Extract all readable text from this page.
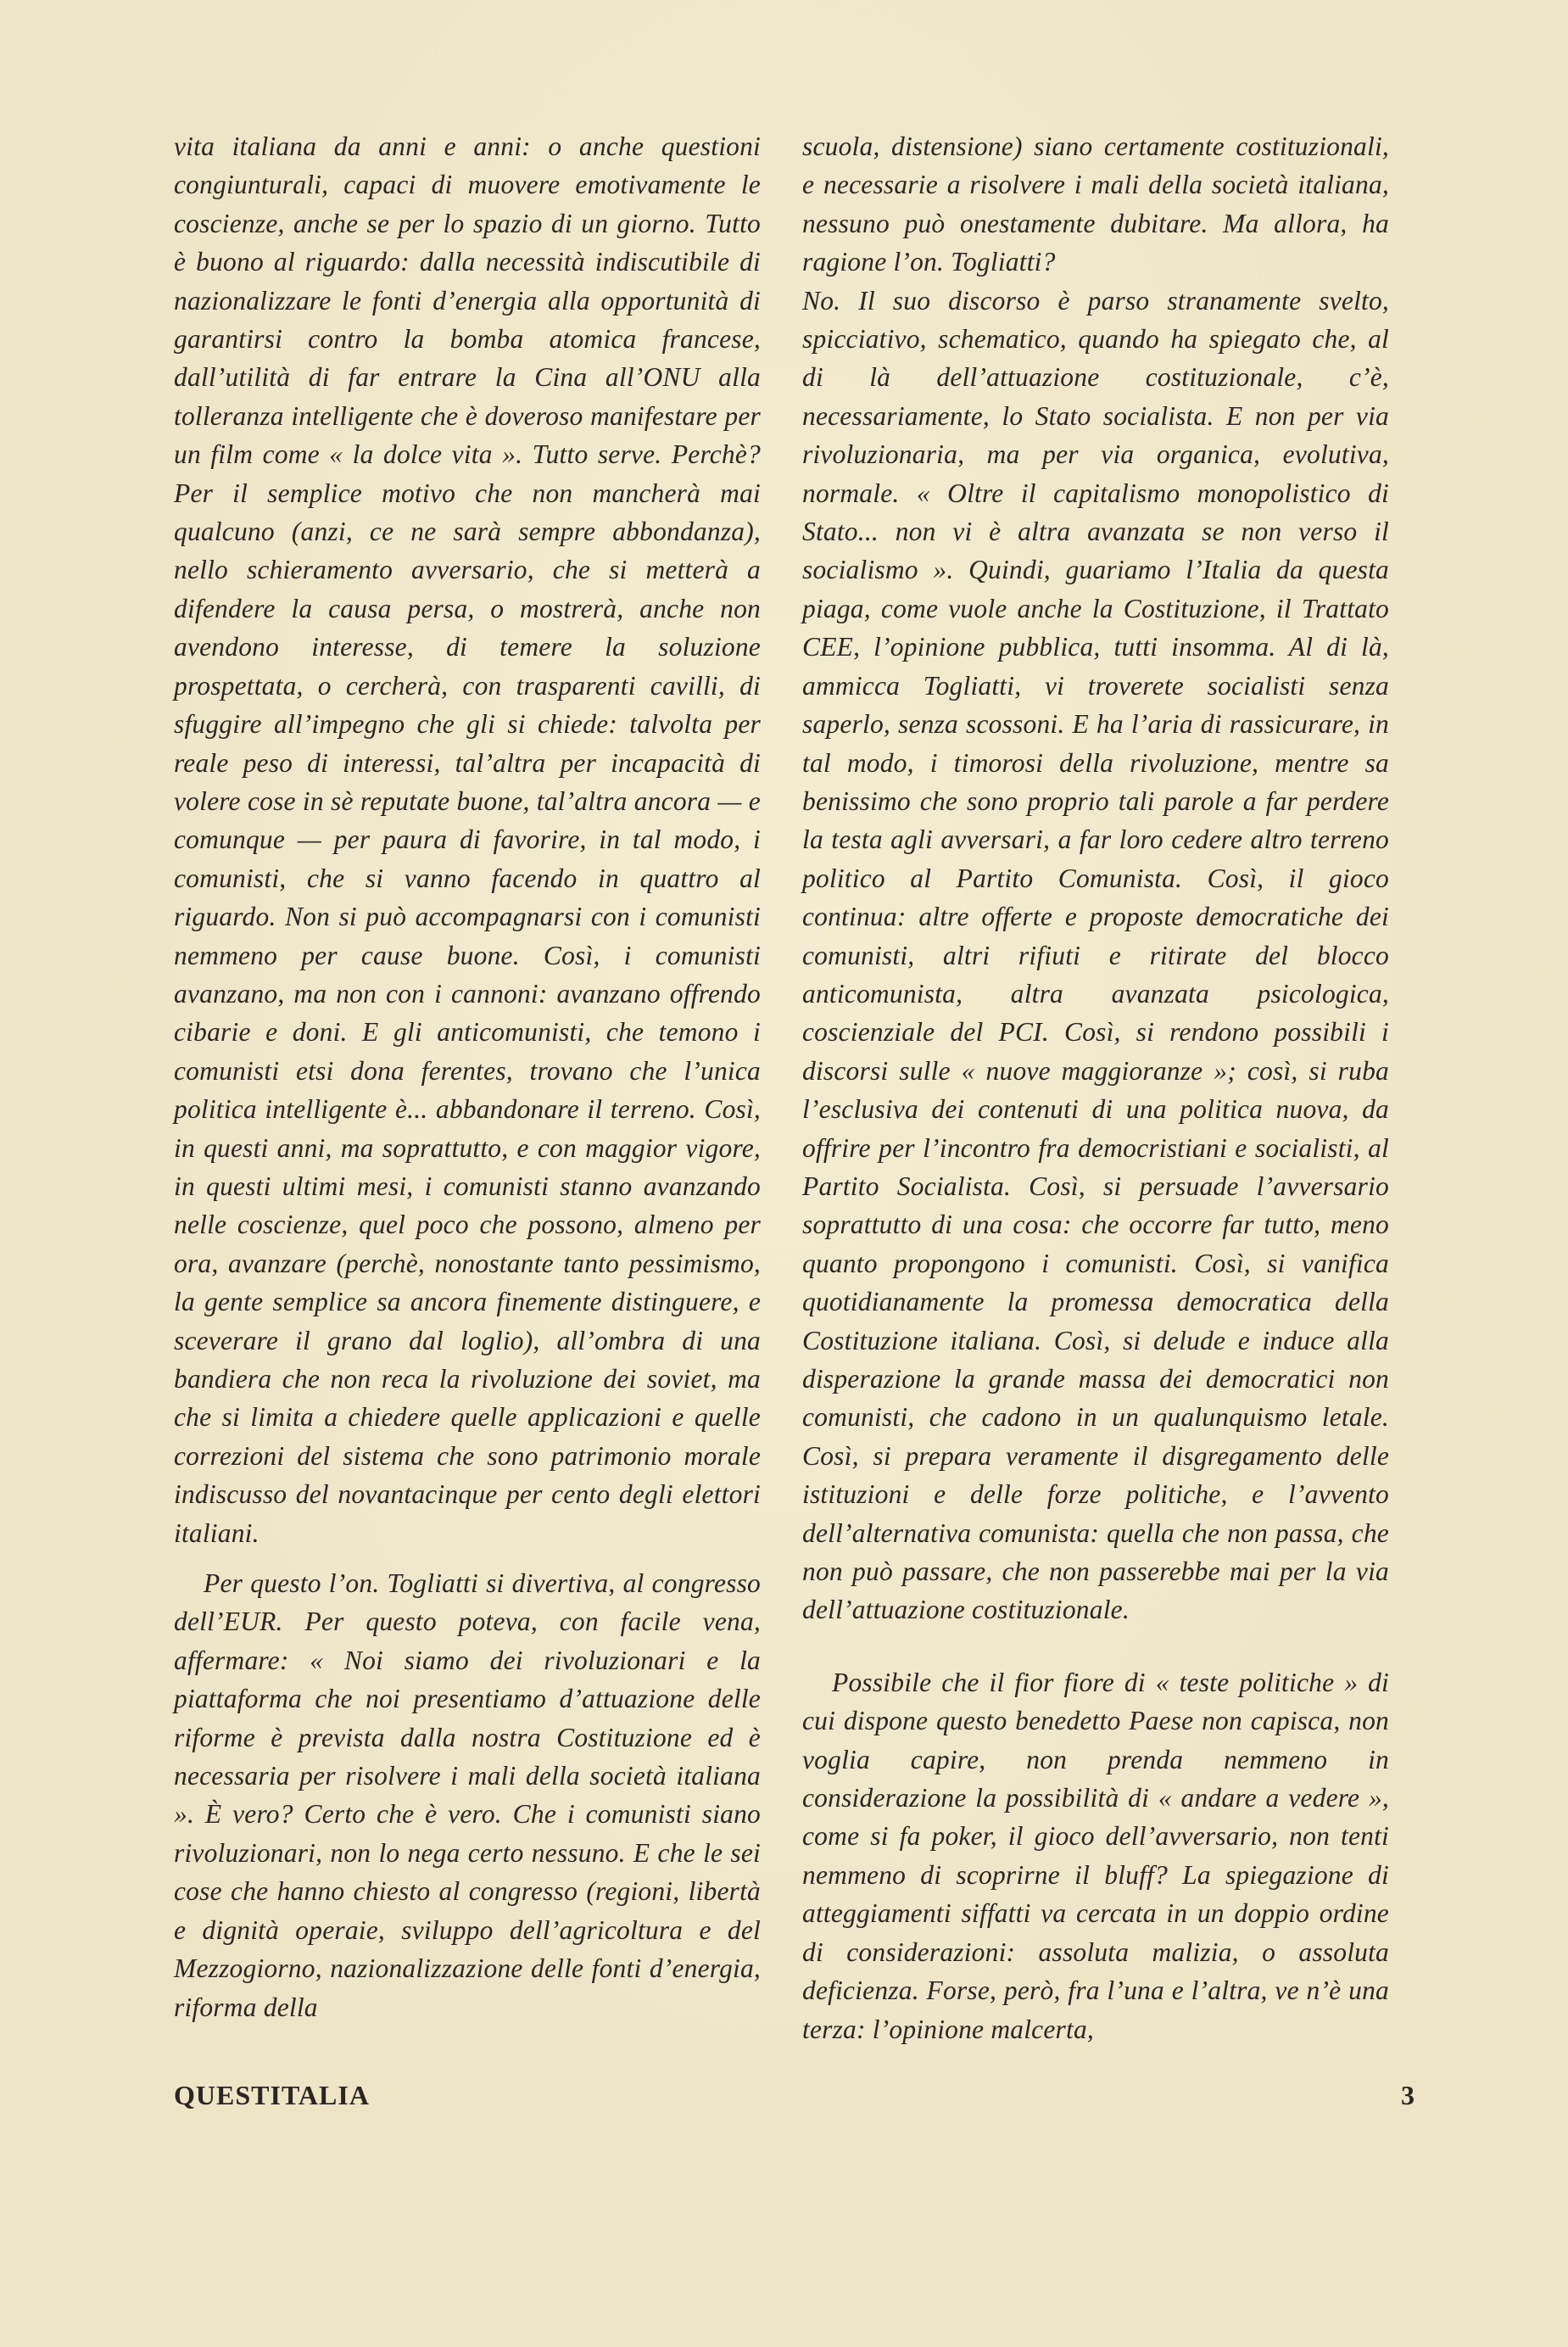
vita italiana da anni e anni: o anche questioni congiunturali, capaci di muovere emotivamente le coscienze, anche se per lo spazio di un giorno. Tutto è buono al riguardo: dalla necessità indiscutibile di nazionalizzare le fonti d’energia alla opportunità di garantirsi contro la bomba atomica francese, dall’utilità di far entrare la Cina all’ONU alla tolleranza intelligente che è doveroso manifestare per un film come « la dolce vita ». Tutto serve. Perchè? Per il semplice motivo che non mancherà mai qualcuno (anzi, ce ne sarà sempre abbondanza), nello schieramento avversario, che si metterà a difendere la causa persa, o mostrerà, anche non avendono interesse, di temere la soluzione prospettata, o cercherà, con trasparenti cavilli, di sfuggire all’impegno che gli si chiede: talvolta per reale peso di interessi, tal’altra per incapacità di volere cose in sè reputate buone, tal’altra ancora — e comunque — per paura di favorire, in tal modo, i comunisti, che si vanno facendo in quattro al riguardo. Non si può accompagnarsi con i comunisti nemmeno per cause buone. Così, i comunisti avanzano, ma non con i cannoni: avanzano offrendo cibarie e doni. E gli anticomunisti, che temono i comunisti etsi dona ferentes, trovano che l’unica politica intelligente è... abbandonare il terreno. Così, in questi anni, ma soprattutto, e con maggior vigore, in questi ultimi mesi, i comunisti stanno avanzando nelle coscienze, quel poco che possono, almeno per ora, avanzare (perchè, nonostante tanto pessimismo, la gente semplice sa ancora finemente distinguere, e sceverare il grano dal loglio), all’ombra di una bandiera che non reca la rivoluzione dei soviet, ma che si limita a chiedere quelle applicazioni e quelle correzioni del sistema che sono patrimonio morale indiscusso del novantacinque per cento degli elettori italiani.

Per questo l’on. Togliatti si divertiva, al congresso dell’EUR. Per questo poteva, con facile vena, affermare: « Noi siamo dei rivoluzionari e la piattaforma che noi presentiamo d’attuazione delle riforme è prevista dalla nostra Costituzione ed è necessaria per risolvere i mali della società italiana ». È vero? Certo che è vero. Che i comunisti siano rivoluzionari, non lo nega certo nessuno. E che le sei cose che hanno chiesto al congresso (regioni, libertà e dignità operaie, sviluppo dell’agricoltura e del Mezzogiorno, nazionalizzazione delle fonti d’energia, riforma della

scuola, distensione) siano certamente costituzionali, e necessarie a risolvere i mali della società italiana, nessuno può onestamente dubitare. Ma allora, ha ragione l’on. Togliatti?

No. Il suo discorso è parso stranamente svelto, spicciativo, schematico, quando ha spiegato che, al di là dell’attuazione costituzionale, c’è, necessariamente, lo Stato socialista. E non per via rivoluzionaria, ma per via organica, evolutiva, normale. « Oltre il capitalismo monopolistico di Stato... non vi è altra avanzata se non verso il socialismo ». Quindi, guariamo l’Italia da questa piaga, come vuole anche la Costituzione, il Trattato CEE, l’opinione pubblica, tutti insomma. Al di là, ammicca Togliatti, vi troverete socialisti senza saperlo, senza scossoni. E ha l’aria di rassicurare, in tal modo, i timorosi della rivoluzione, mentre sa benissimo che sono proprio tali parole a far perdere la testa agli avversari, a far loro cedere altro terreno politico al Partito Comunista. Così, il gioco continua: altre offerte e proposte democratiche dei comunisti, altri rifiuti e ritirate del blocco anticomunista, altra avanzata psicologica, coscienziale del PCI. Così, si rendono possibili i discorsi sulle « nuove maggioranze »; così, si ruba l’esclusiva dei contenuti di una politica nuova, da offrire per l’incontro fra democristiani e socialisti, al Partito Socialista. Così, si persuade l’avversario soprattutto di una cosa: che occorre far tutto, meno quanto propongono i comunisti. Così, si vanifica quotidianamente la promessa democratica della Costituzione italiana. Così, si delude e induce alla disperazione la grande massa dei democratici non comunisti, che cadono in un qualunquismo letale. Così, si prepara veramente il disgregamento delle istituzioni e delle forze politiche, e l’avvento dell’alternativa comunista: quella che non passa, che non può passare, che non passerebbe mai per la via dell’attuazione costituzionale.

Possibile che il fior fiore di « teste politiche » di cui dispone questo benedetto Paese non capisca, non voglia capire, non prenda nemmeno in considerazione la possibilità di « andare a vedere », come si fa poker, il gioco dell’avversario, non tenti nemmeno di scoprirne il bluff? La spiegazione di atteggiamenti siffatti va cercata in un doppio ordine di considerazioni: assoluta malizia, o assoluta deficienza. Forse, però, fra l’una e l’altra, ve n’è una terza: l’opinione malcerta,

QUESTITALIA	3
